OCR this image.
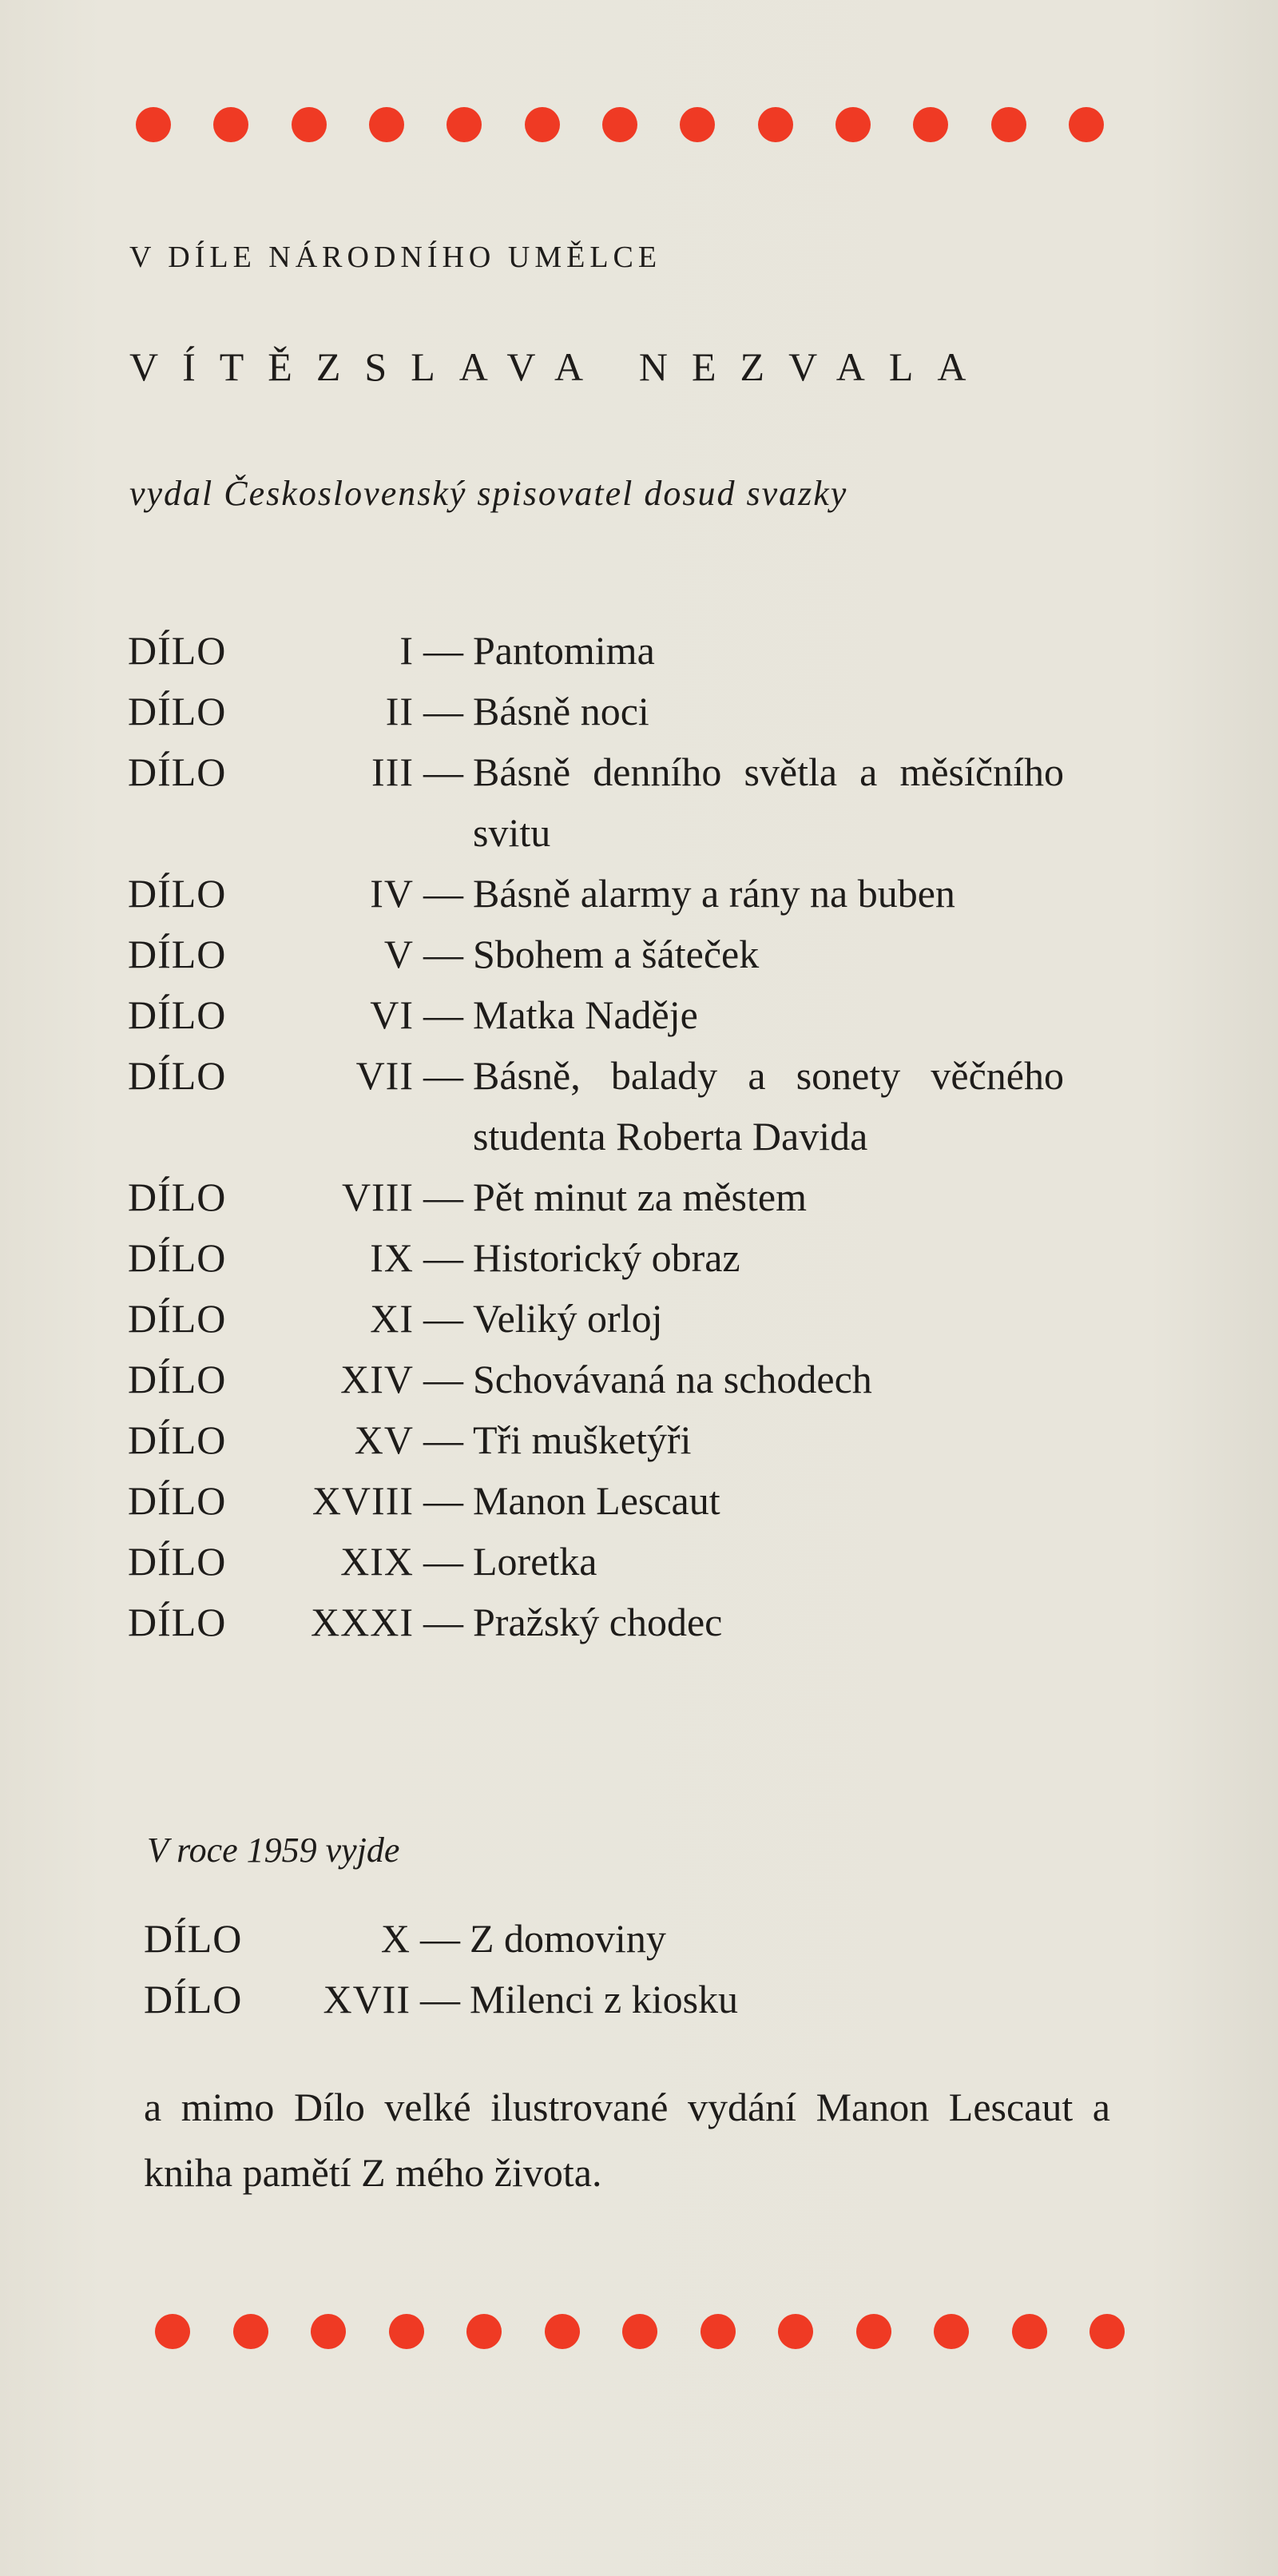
V DÍLE NÁRODNÍHO UMĚLCE
VÍTĚZSLAVA NEZVALA
vydal Československý spisovatel dosud svazky
DÍLO	I — Pantomima
DÍLO	II — Básně noci
DÍLO	III — Básně denního světla a měsíčního svitu
DÍLO	IV — Básně alarmy a rány na buben
DÍLO	V — Sbohem a šáteček
DÍLO	VI — Matka Naděje
DÍLO	VII — Básně, balady a sonety věčného studenta Roberta Davida
DÍLO	VIII — Pět minut za městem
DÍLO	IX — Historický obraz
DÍLO	XI — Veliký orloj
DÍLO	XIV — Schovávaná na schodech
DÍLO	XV — Tři mušketýři
DÍLO	XVIII — Manon Lescaut
DÍLO	XIX — Loretka
DÍLO	XXXI — Pražský chodec
V roce 1959 vyjde
DÍLO	X — Z domoviny
DÍLO	XVII — Milenci z kiosku
a mimo Dílo velké ilustrované vydání Manon Lescaut a kniha pamětí Z mého života.
